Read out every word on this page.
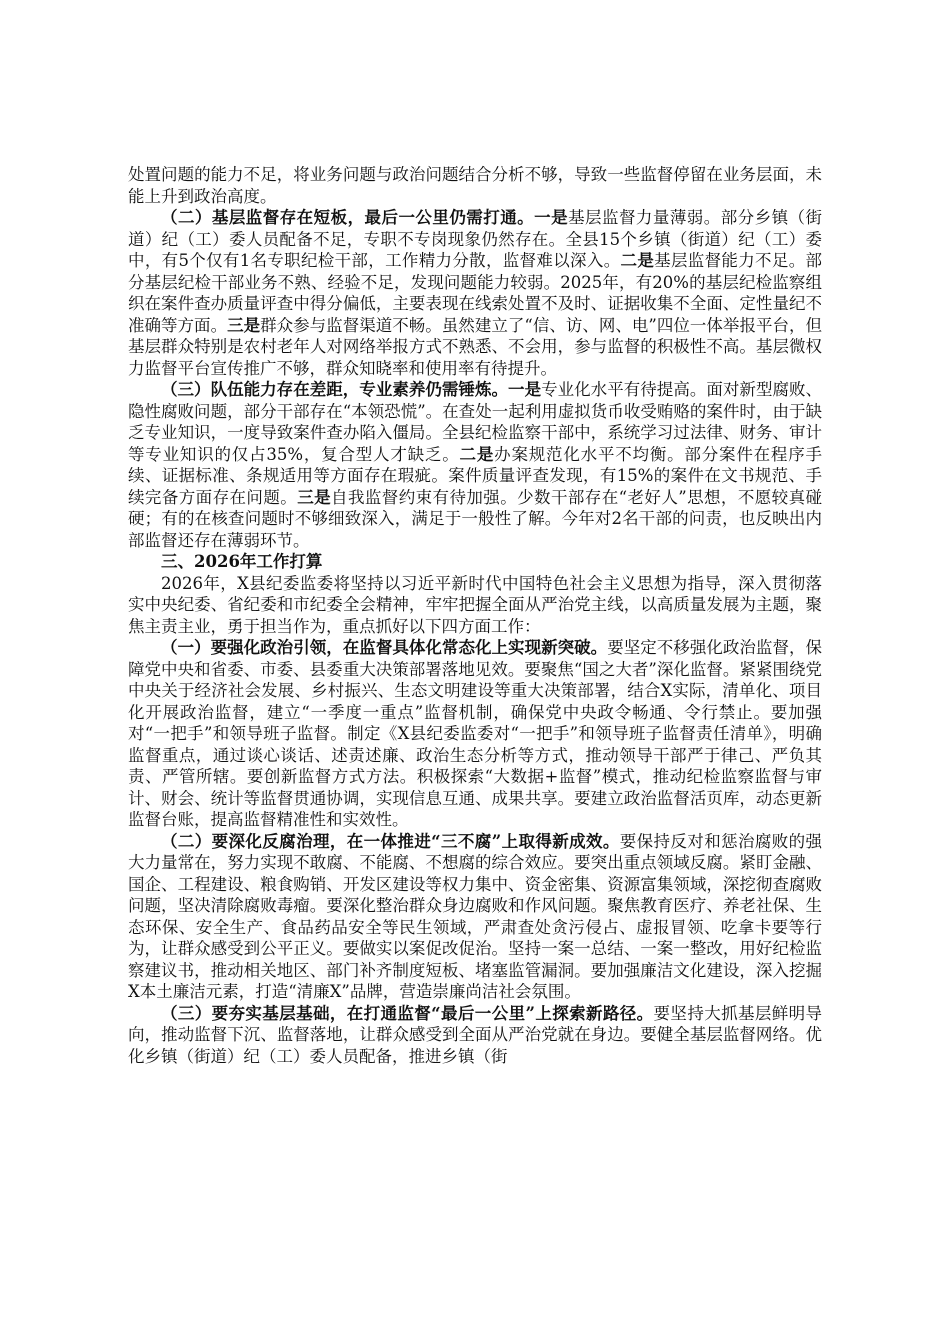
处置问题的能力不足，将业务问题与政治问题结合分析不够，导致一些监督停留在业务层面，未能上升到政治高度。

（二）基层监督存在短板，最后一公里仍需打通。一是基层监督力量薄弱。部分乡镇（街道）纪（工）委人员配备不足，专职不专岗现象仍然存在。全县15个乡镇（街道）纪（工）委中，有5个仅有1名专职纪检干部，工作精力分散，监督难以深入。二是基层监督能力不足。部分基层纪检干部业务不熟、经验不足，发现问题能力较弱。2025年，有20%的基层纪检监察组织在案件查办质量评查中得分偏低，主要表现在线索处置不及时、证据收集不全面、定性量纪不准确等方面。三是群众参与监督渠道不畅。虽然建立了“信、访、网、电”四位一体举报平台，但基层群众特别是农村老年人对网络举报方式不熟悉、不会用，参与监督的积极性不高。基层微权力监督平台宣传推广不够，群众知晓率和使用率有待提升。

（三）队伍能力存在差距，专业素养仍需锤炼。一是专业化水平有待提高。面对新型腐败、隐性腐败问题，部分干部存在“本领恐慌”。在查处一起利用虚拟货币收受贿赂的案件时，由于缺乏专业知识，一度导致案件查办陷入僵局。全县纪检监察干部中，系统学习过法律、财务、审计等专业知识的仅占35%，复合型人才缺乏。二是办案规范化水平不均衡。部分案件在程序手续、证据标准、条规适用等方面存在瑕疵。案件质量评查发现，有15%的案件在文书规范、手续完备方面存在问题。三是自我监督约束有待加强。少数干部存在“老好人”思想，不愿较真碰硬；有的在核查问题时不够细致深入，满足于一般性了解。今年对2名干部的问责，也反映出内部监督还存在薄弱环节。

三、2026年工作打算

2026年，X县纪委监委将坚持以习近平新时代中国特色社会主义思想为指导，深入贯彻落实中央纪委、省纪委和市纪委全会精神，牢牢把握全面从严治党主线，以高质量发展为主题，聚焦主责主业，勇于担当作为，重点抓好以下四方面工作：

（一）要强化政治引领，在监督具体化常态化上实现新突破。要坚定不移强化政治监督，保障党中央和省委、市委、县委重大决策部署落地见效。要聚焦“国之大者”深化监督。紧紧围绕党中央关于经济社会发展、乡村振兴、生态文明建设等重大决策部署，结合X实际，清单化、项目化开展政治监督，建立“一季度一重点”监督机制，确保党中央政令畅通、令行禁止。要加强对“一把手”和领导班子监督。制定《X县纪委监委对“一把手”和领导班子监督责任清单》，明确监督重点，通过谈心谈话、述责述廉、政治生态分析等方式，推动领导干部严于律己、严负其责、严管所辖。要创新监督方式方法。积极探索“大数据+监督”模式，推动纪检监察监督与审计、财会、统计等监督贯通协调，实现信息互通、成果共享。要建立政治监督活页库，动态更新监督台账，提高监督精准性和实效性。

（二）要深化反腐治理，在一体推进“三不腐”上取得新成效。要保持反对和惩治腐败的强大力量常在，努力实现不敢腐、不能腐、不想腐的综合效应。要突出重点领域反腐。紧盯金融、国企、工程建设、粮食购销、开发区建设等权力集中、资金密集、资源富集领域，深挖彻查腐败问题，坚决清除腐败毒瘤。要深化整治群众身边腐败和作风问题。聚焦教育医疗、养老社保、生态环保、安全生产、食品药品安全等民生领域，严肃查处贪污侵占、虚报冒领、吃拿卡要等行为，让群众感受到公平正义。要做实以案促改促治。坚持一案一总结、一案一整改，用好纪检监察建议书，推动相关地区、部门补齐制度短板、堵塞监管漏洞。要加强廉洁文化建设，深入挖掘X本土廉洁元素，打造“清廉X”品牌，营造崇廉尚洁社会氛围。

（三）要夯实基层基础，在打通监督“最后一公里”上探索新路径。要坚持大抓基层鲜明导向，推动监督下沉、监督落地，让群众感受到全面从严治党就在身边。要健全基层监督网络。优化乡镇（街道）纪（工）委人员配备，推进乡镇（街
